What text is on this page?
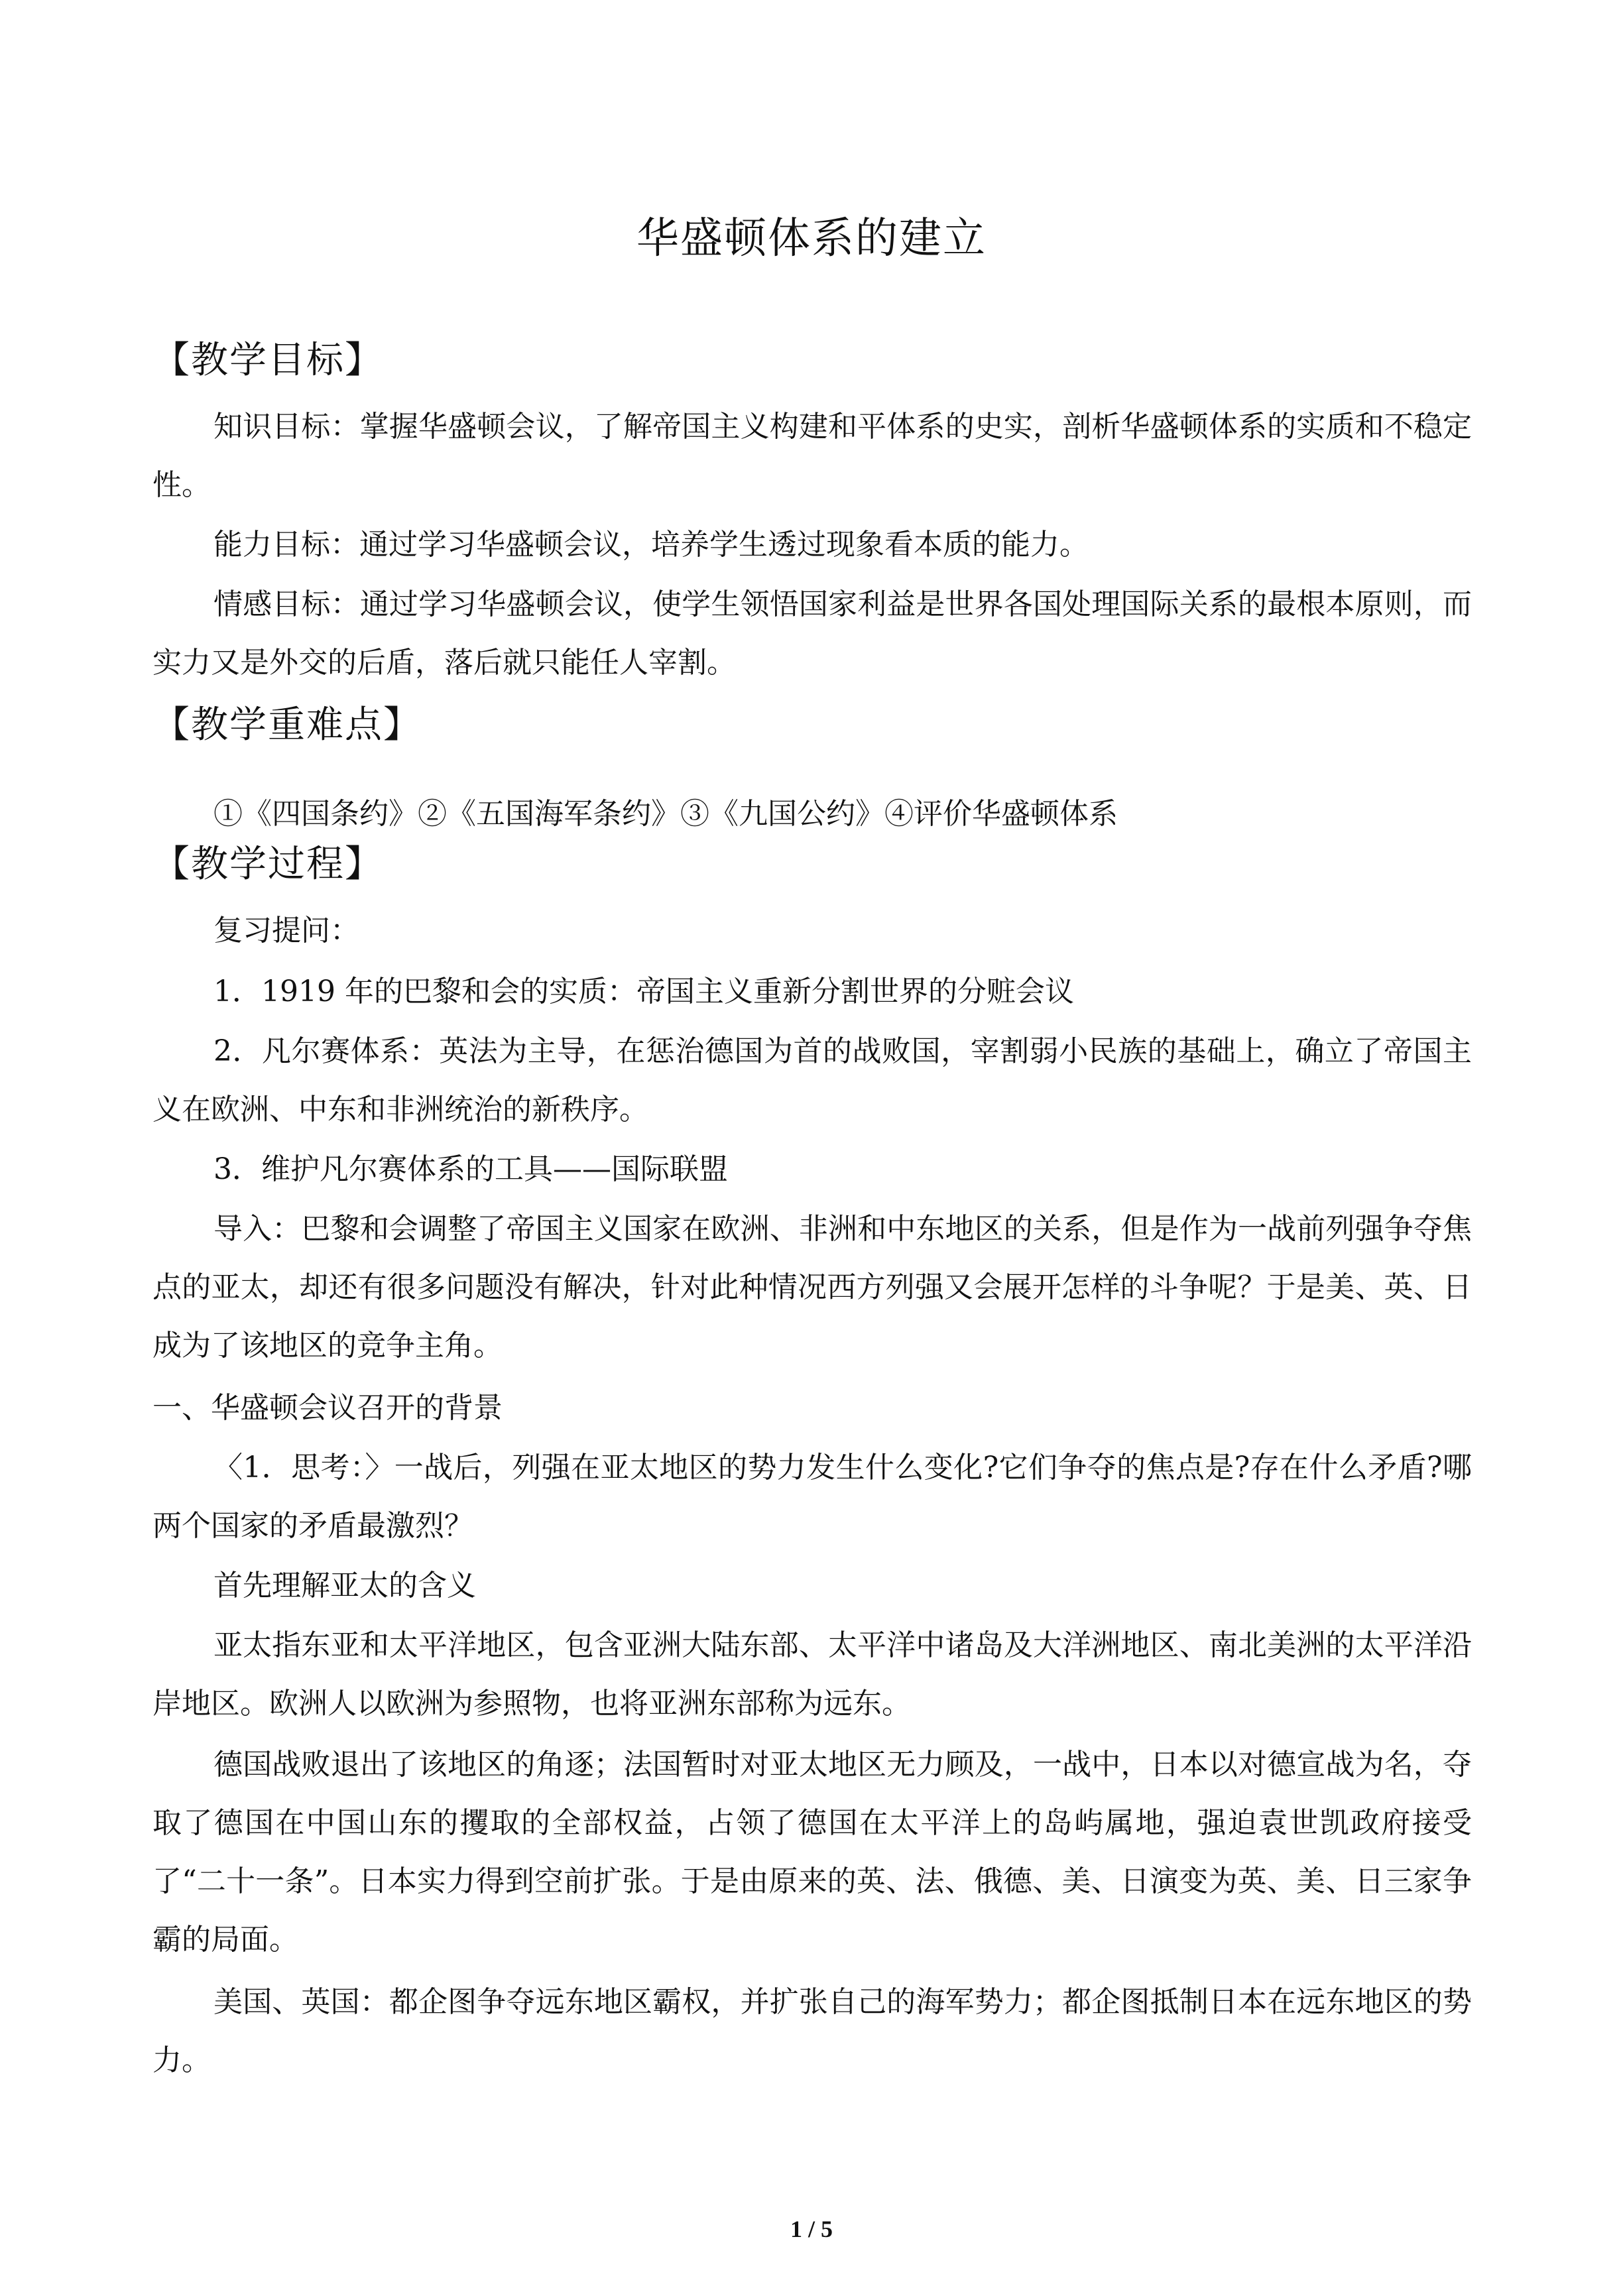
华盛顿体系的建立
【教学目标】

知识目标：掌握华盛顿会议，了解帝国主义构建和平体系的史实，剖析华盛顿体系的实质和不稳定性。

能力目标：通过学习华盛顿会议，培养学生透过现象看本质的能力。

情感目标：通过学习华盛顿会议，使学生领悟国家利益是世界各国处理国际关系的最根本原则，而实力又是外交的后盾，落后就只能任人宰割。

【教学重难点】

①《四国条约》②《五国海军条约》③《九国公约》④评价华盛顿体系

【教学过程】

复习提问：

1．1919 年的巴黎和会的实质：帝国主义重新分割世界的分赃会议

2．凡尔赛体系：英法为主导，在惩治德国为首的战败国，宰割弱小民族的基础上，确立了帝国主义在欧洲、中东和非洲统治的新秩序。

3．维护凡尔赛体系的工具——国际联盟

导入：巴黎和会调整了帝国主义国家在欧洲、非洲和中东地区的关系，但是作为一战前列强争夺焦点的亚太，却还有很多问题没有解决，针对此种情况西方列强又会展开怎样的斗争呢？于是美、英、日成为了该地区的竞争主角。

一、华盛顿会议召开的背景

〈1．思考：〉一战后，列强在亚太地区的势力发生什么变化?它们争夺的焦点是?存在什么矛盾?哪两个国家的矛盾最激烈？

首先理解亚太的含义

亚太指东亚和太平洋地区，包含亚洲大陆东部、太平洋中诸岛及大洋洲地区、南北美洲的太平洋沿岸地区。欧洲人以欧洲为参照物，也将亚洲东部称为远东。

德国战败退出了该地区的角逐；法国暂时对亚太地区无力顾及，一战中，日本以对德宣战为名，夺取了德国在中国山东的攫取的全部权益，占领了德国在太平洋上的岛屿属地，强迫袁世凯政府接受了“二十一条”。日本实力得到空前扩张。于是由原来的英、法、俄德、美、日演变为英、美、日三家争霸的局面。

美国、英国：都企图争夺远东地区霸权，并扩张自己的海军势力；都企图抵制日本在远东地区的势力。

1 / 5
